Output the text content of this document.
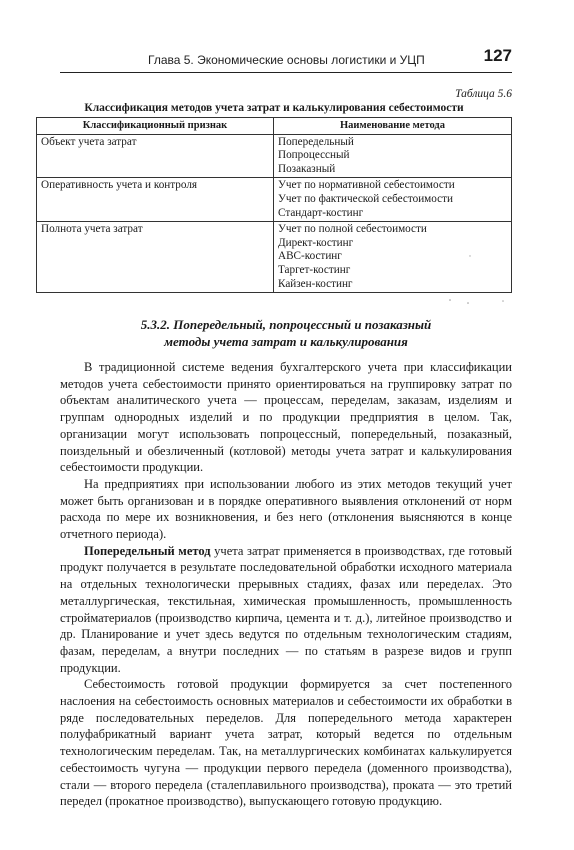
Глава 5. Экономические основы логистики и УЦП	127
Таблица 5.6
Классификация методов учета затрат и калькулирования себестоимости
Классификационный признак	Наименование метода
Объект учета затрат	Попередельный
Попроцессный
Позаказный

Оперативность учета и контроля	Учет по нормативной себестоимости
Учет по фактической себестоимости
Стандарт-костинг

Полнота учета затрат	Учет по полной себестоимости
Директ-костинг
АВС-костинг
Таргет-костинг
Кайзен-костинг
5.3.2. Попередельный, попроцессный и позаказный
методы учета затрат и калькулирования

В традиционной системе ведения бухгалтерского учета при классификации методов учета себестоимости принято ориентироваться на группировку затрат по объектам аналитического учета — процессам, переделам, заказам, изделиям и группам однородных изделий и по продукции предприятия в целом. Так, организации могут использовать попроцессный, попередельный, позаказный, поиздельный и обезличенный (котловой) методы учета затрат и калькулирования себестоимости продукции.

На предприятиях при использовании любого из этих методов текущий учет может быть организован и в порядке оперативного выявления отклонений от норм расхода по мере их возникновения, и без него (отклонения выясняются в конце отчетного периода).

Попередельный метод учета затрат применяется в производствах, где готовый продукт получается в результате последовательной обработки исходного материала на отдельных технологически прерывных стадиях, фазах или переделах. Это металлургическая, текстильная, химическая промышленность, промышленность стройматериалов (производство кирпича, цемента и т. д.), литейное производство и др. Планирование и учет здесь ведутся по отдельным технологическим стадиям, фазам, переделам, а внутри последних — по статьям в разрезе видов и групп продукции.

Себестоимость готовой продукции формируется за счет постепенного наслоения на себестоимость основных материалов и себестоимости их обработки в ряде последовательных переделов. Для попередельного метода характерен полуфабрикатный вариант учета затрат, который ведется по отдельным технологическим переделам. Так, на металлургических комбинатах калькулируется себестоимость чугуна — продукции первого передела (доменного производства), стали — второго передела (сталеплавильного производства), проката — это третий передел (прокатное производство), выпускающего готовую продукцию.
